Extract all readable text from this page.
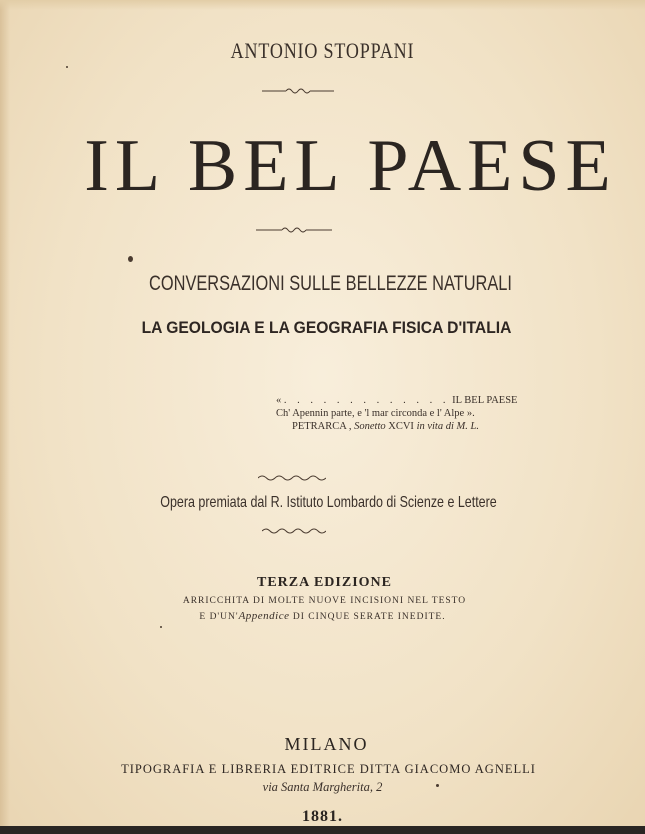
ANTONIO STOPPANI
IL BEL PAESE
CONVERSAZIONI SULLE BELLEZZE NATURALI
LA GEOLOGIA E LA GEOGRAFIA FISICA D'ITALIA
« . . . . . . . . . . . . . IL BEL PAESE
Ch' Apennin parte, e 'l mar circonda e l' Alpe ».
PETRARCA , Sonetto XCVI in vita di M. L.
Opera premiata dal R. Istituto Lombardo di Scienze e Lettere
TERZA EDIZIONE
ARRICCHITA DI MOLTE NUOVE INCISIONI NEL TESTO
E D'UN'Appendice DI CINQUE SERATE INEDITE.
MILANO
TIPOGRAFIA E LIBRERIA EDITRICE DITTA GIACOMO AGNELLI
via Santa Margherita, 2
1881.
